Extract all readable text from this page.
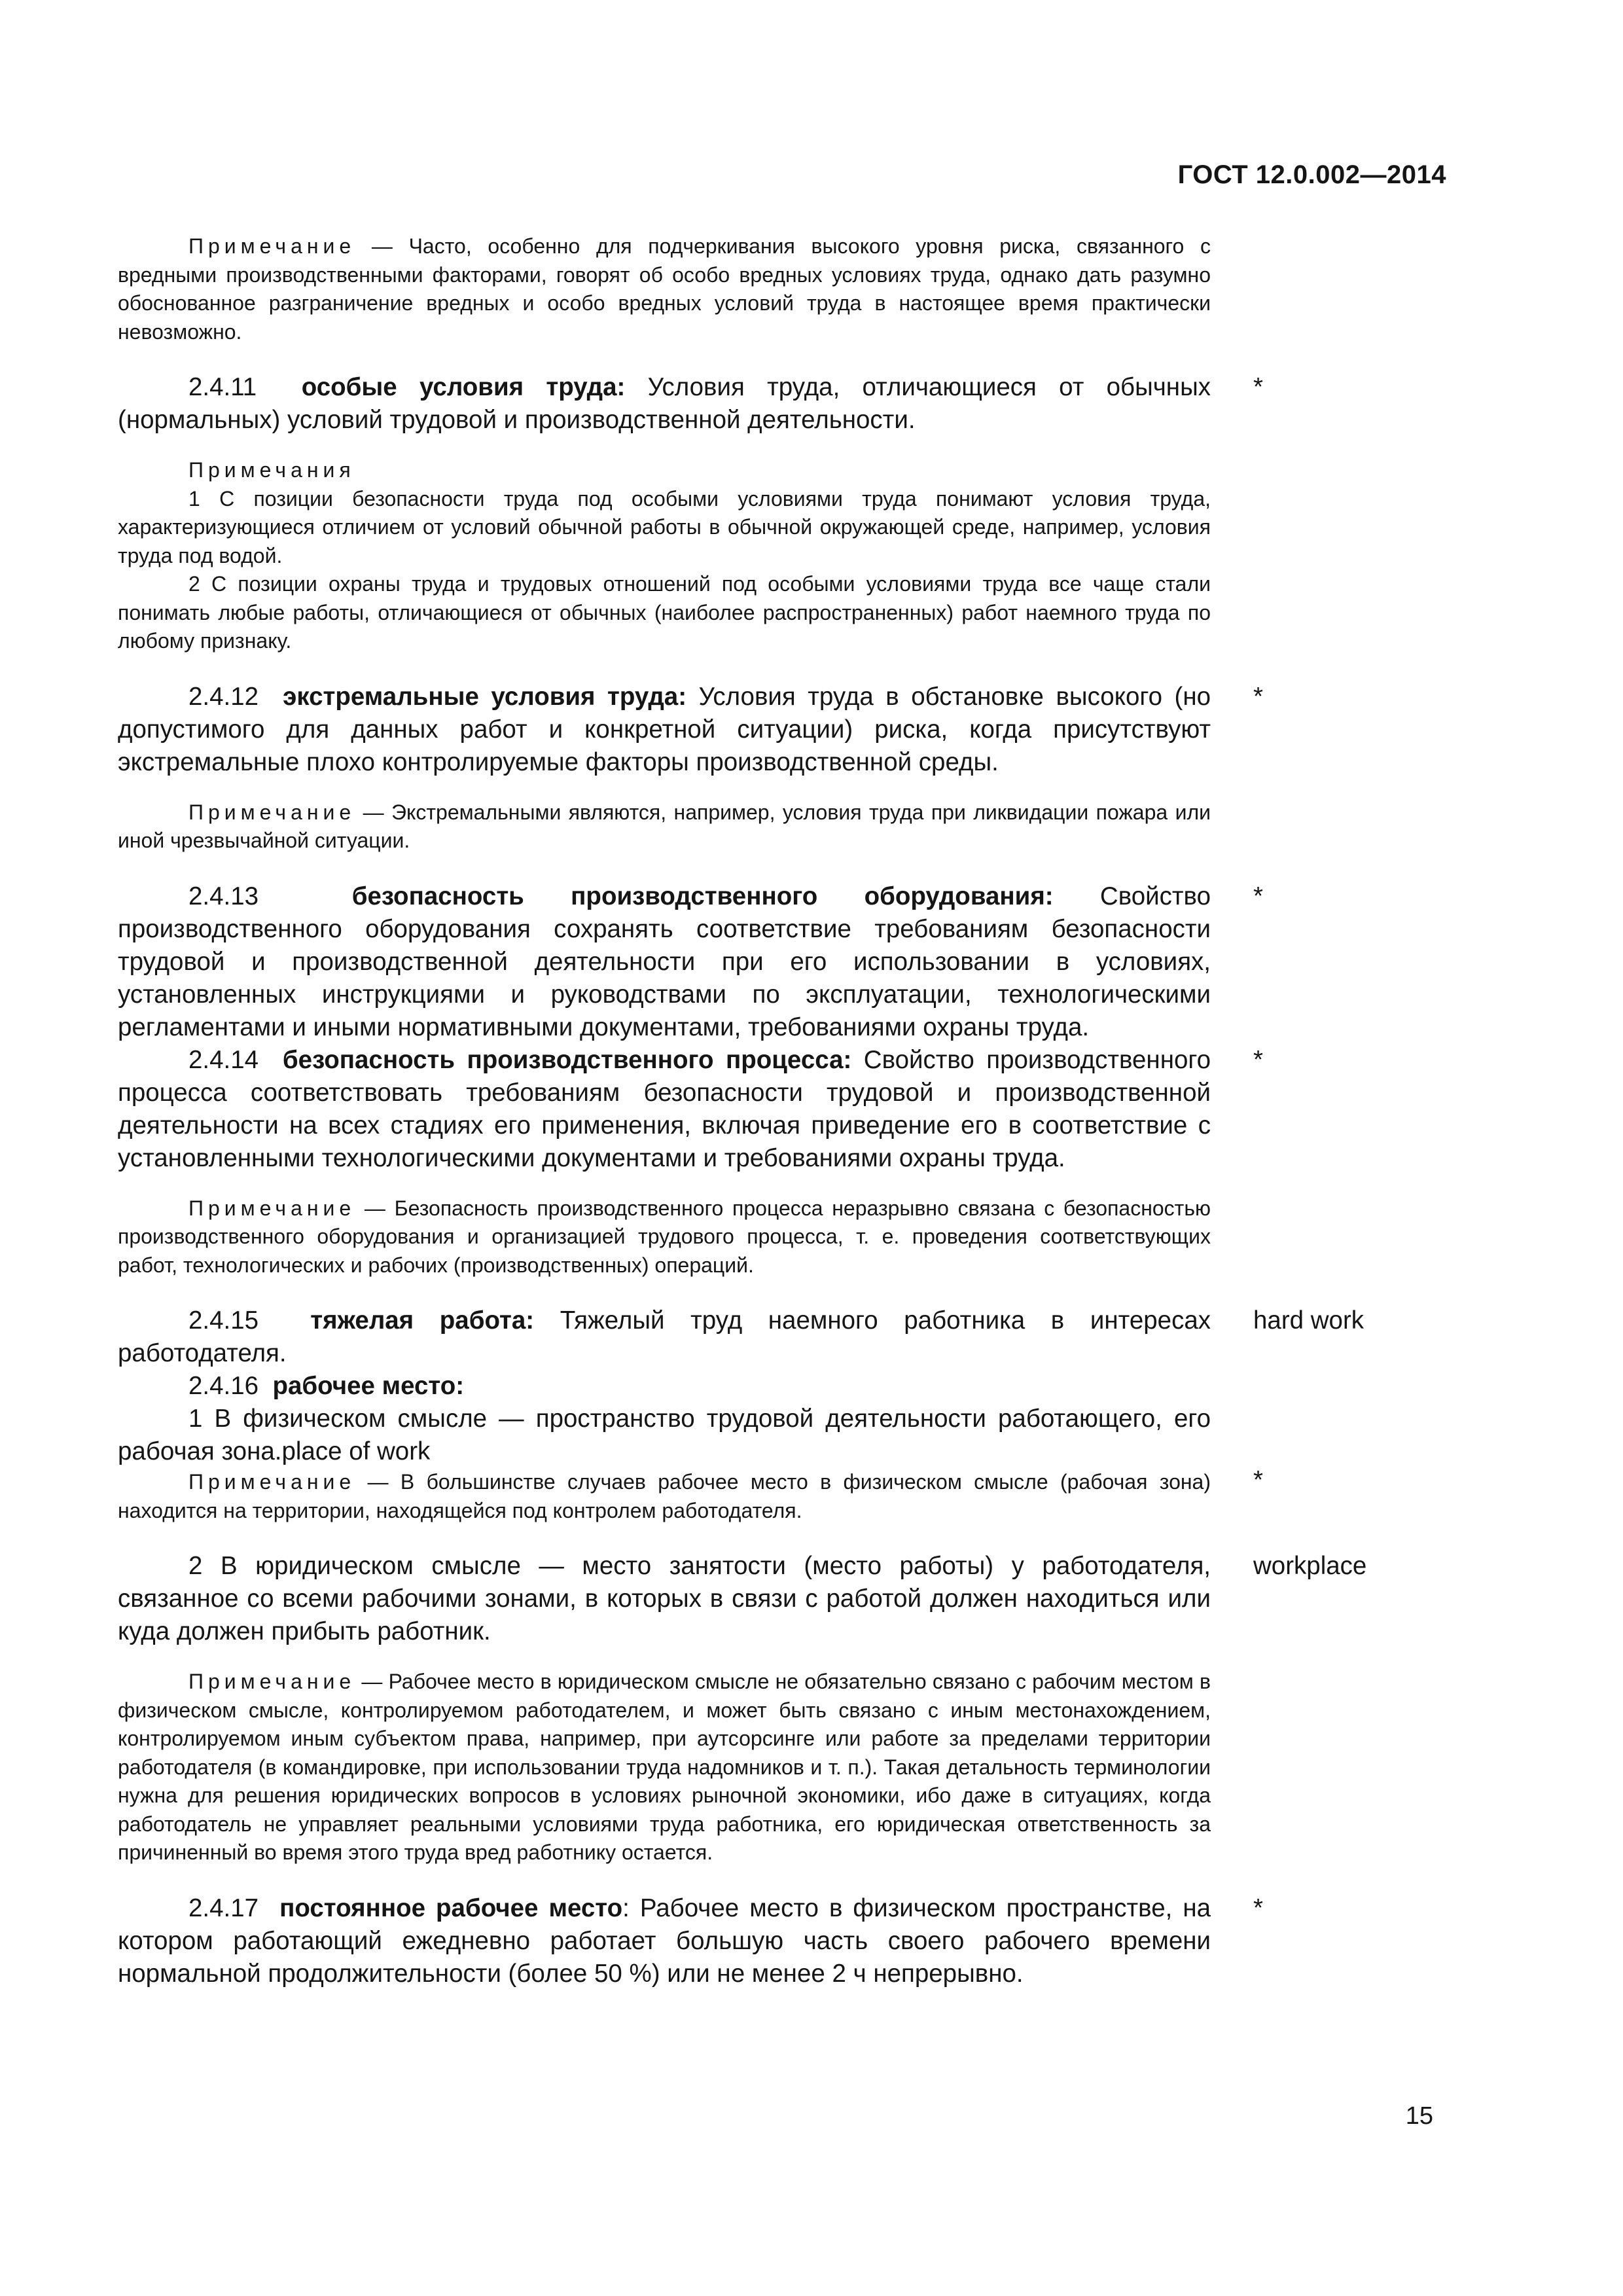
ГОСТ 12.0.002—2014

Примечание — Часто, особенно для подчеркивания высокого уровня риска, связанного с вредными производственными факторами, говорят об особо вредных условиях труда, однако дать разумно обоснованное разграничение вредных и особо вредных условий труда в настоящее время практически невозможно.

2.4.11 особые условия труда: Условия труда, отличающиеся от обычных (нормальных) условий трудовой и производственной деятельности.

*

Примечания

1 С позиции безопасности труда под особыми условиями труда понимают условия труда, характеризующиеся отличием от условий обычной работы в обычной окружающей среде, например, условия труда под водой.

2 С позиции охраны труда и трудовых отношений под особыми условиями труда все чаще стали понимать любые работы, отличающиеся от обычных (наиболее распространенных) работ наемного труда по любому признаку.

2.4.12 экстремальные условия труда: Условия труда в обстановке высокого (но допустимого для данных работ и конкретной ситуации) риска, когда присутствуют экстремальные плохо контролируемые факторы производственной среды.

*

Примечание — Экстремальными являются, например, условия труда при ликвидации пожара или иной чрезвычайной ситуации.

2.4.13	безопасность производственного оборудования: Свойство производственного оборудования сохранять соответствие требованиям безопасности трудовой и производственной деятельности при его использовании в условиях, установленных инструкциями и руководствами по эксплуатации, технологическими регламентами и иными нормативными документами, требованиями охраны труда.

*

2.4.14 безопасность производственного процесса: Свойство производственного процесса соответствовать требованиям безопасности трудовой и производственной деятельности на всех стадиях его применения, включая приведение его в соответствие с установленными технологическими документами и требованиями охраны труда.

*

Примечание — Безопасность производственного процесса неразрывно связана с безопасностью производственного оборудования и организацией трудового процесса, т. е. проведения соответствующих работ, технологических и рабочих (производственных) операций.

2.4.15 тяжелая работа: Тяжелый труд наемного работника в интересах работодателя.

hard work

2.4.16 рабочее место:

1 В физическом смысле — пространство трудовой деятельности работающего, его рабочая зона.place of work

Примечание — В большинстве случаев рабочее место в физическом смысле (рабочая зона) находится на территории, находящейся под контролем работодателя.

*

2 В юридическом смысле — место занятости (место работы) у работодателя, связанное со всеми рабочими зонами, в которых в связи с работой должен находиться или куда должен прибыть работник.

workplace

Примечание — Рабочее место в юридическом смысле не обязательно связано с рабочим местом в физическом смысле, контролируемом работодателем, и может быть связано с иным местонахождением, контролируемом иным субъектом права, например, при аутсорсинге или работе за пределами территории работодателя (в командировке, при использовании труда надомников и т. п.). Такая детальность терминологии нужна для решения юридических вопросов в условиях рыночной экономики, ибо даже в ситуациях, когда работодатель не управляет реальными условиями труда работника, его юридическая ответственность за причиненный во время этого труда вред работнику остается.

2.4.17 постоянное рабочее место: Рабочее место в физическом пространстве, на котором работающий ежедневно работает большую часть своего рабочего времени нормальной продолжительности (более 50 %) или не менее 2 ч непрерывно.

*
15
